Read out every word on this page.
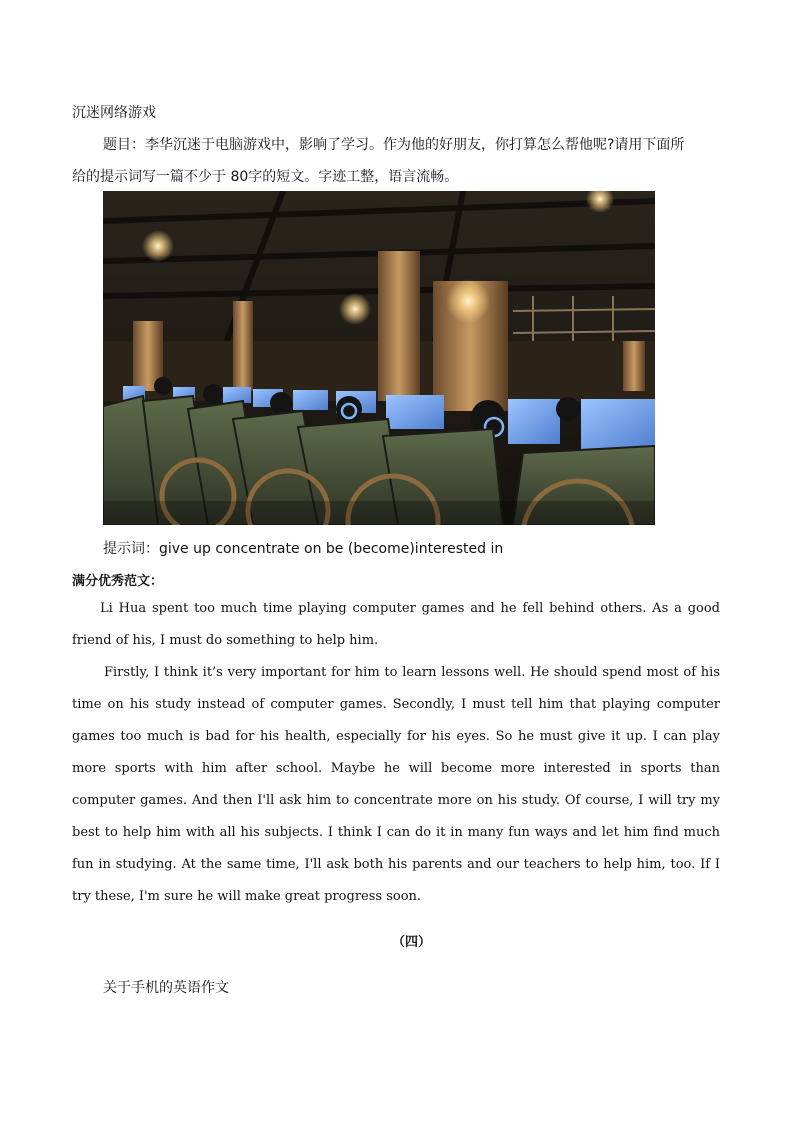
沉迷网络游戏
题目：李华沉迷于电脑游戏中，影响了学习。作为他的好朋友，你打算怎么帮他呢?请用下面所
给的提示词写一篇不少于 80字的短文。字迹工整，语言流畅。
提示词：give up concentrate on be (become)interested in
满分优秀范文：
Li Hua spent too much time playing computer games and he fell behind others. As a good friend of his, I must do something to help him.
Firstly, I think it’s very important for him to learn lessons well. He should spend most of his time on his study instead of computer games. Secondly, I must tell him that playing computer games too much is bad for his health, especially for his eyes. So he must give it up. I can play more sports with him after school. Maybe he will become more interested in sports than computer games. And then I'll ask him to concentrate more on his study. Of course, I will try my best to help him with all his subjects. I think I can do it in many fun ways and let him find much fun in studying. At the same time, I'll ask both his parents and our teachers to help him, too. If I try these, I'm sure he will make great progress soon.
（四）
关于手机的英语作文
